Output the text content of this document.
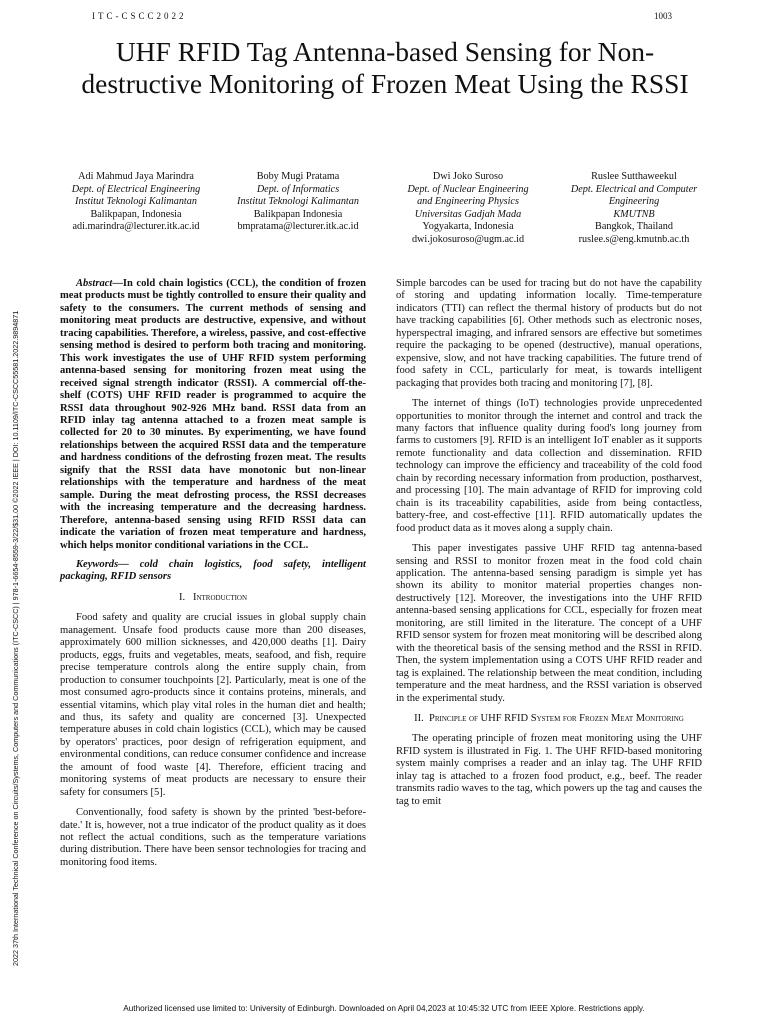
ITC-CSCC2022	1003
UHF RFID Tag Antenna-based Sensing for Non-destructive Monitoring of Frozen Meat Using the RSSI
2022 37th International Technical Conference on Circuits/Systems, Computers and Communications (ITC-CSCC) | 978-1-6654-8559-3/22/$31.00 ©2022 IEEE | DOI: 10.1109/ITC-CSCC55581.2022.9894871
Adi Mahmud Jaya Marindra
Dept. of Electrical Engineering
Institut Teknologi Kalimantan
Balikpapan, Indonesia
adi.marindra@lecturer.itk.ac.id
Boby Mugi Pratama
Dept. of Informatics
Institut Teknologi Kalimantan
Balikpapan Indonesia
bmpratama@lecturer.itk.ac.id
Dwi Joko Suroso
Dept. of Nuclear Engineering
and Engineering Physics
Universitas Gadjah Mada
Yogyakarta, Indonesia
dwi.jokosuroso@ugm.ac.id
Ruslee Sutthaweekul
Dept. Electrical and Computer
Engineering
KMUTNB
Bangkok, Thailand
ruslee.s@eng.kmutnb.ac.th

Abstract—In cold chain logistics (CCL), the condition of frozen meat products must be tightly controlled to ensure their quality and safety to the consumers. The current methods of sensing and monitoring meat products are destructive, expensive, and without tracing capabilities. Therefore, a wireless, passive, and cost-effective sensing method is desired to perform both tracing and monitoring. This work investigates the use of UHF RFID system performing antenna-based sensing for monitoring frozen meat using the received signal strength indicator (RSSI). A commercial off-the-shelf (COTS) UHF RFID reader is programmed to acquire the RSSI data throughout 902-926 MHz band. RSSI data from an RFID inlay tag antenna attached to a frozen meat sample is collected for 20 to 30 minutes. By experimenting, we have found relationships between the acquired RSSI data and the temperature and hardness conditions of the defrosting frozen meat. The results signify that the RSSI data have monotonic but non-linear relationships with the temperature and hardness of the meat sample. During the meat defrosting process, the RSSI decreases with the increasing temperature and the decreasing hardness. Therefore, antenna-based sensing using RFID RSSI data can indicate the variation of frozen meat temperature and hardness, which helps monitor conditional variations in the CCL.

Keywords— cold chain logistics, food safety, intelligent packaging, RFID sensors

I. Introduction

Food safety and quality are crucial issues in global supply chain management. Unsafe food products cause more than 200 diseases, approximately 600 million sicknesses, and 420,000 deaths [1]. Dairy products, eggs, fruits and vegetables, meats, seafood, and fish, require precise temperature controls along the entire supply chain, from production to consumer touchpoints [2]. Particularly, meat is one of the most consumed agro-products since it contains proteins, minerals, and essential vitamins, which play vital roles in the human diet and health; and thus, its safety and quality are concerned [3]. Unexpected temperature abuses in cold chain logistics (CCL), which may be caused by operators' practices, poor design of refrigeration equipment, and environmental conditions, can reduce consumer confidence and increase the amount of food waste [4]. Therefore, efficient tracing and monitoring systems of meat products are necessary to ensure their safety for consumers [5].

Conventionally, food safety is shown by the printed 'best-before-date.' It is, however, not a true indicator of the product quality as it does not reflect the actual conditions, such as the temperature variations during distribution. There have been sensor technologies for tracing and monitoring food items.

Simple barcodes can be used for tracing but do not have the capability of storing and updating information locally. Time-temperature indicators (TTI) can reflect the thermal history of products but do not have tracking capabilities [6]. Other methods such as electronic noses, hyperspectral imaging, and infrared sensors are effective but sometimes require the packaging to be opened (destructive), manual operations, expensive, slow, and not have tracking capabilities. The future trend of food safety in CCL, particularly for meat, is towards intelligent packaging that provides both tracing and monitoring [7], [8].

The internet of things (IoT) technologies provide unprecedented opportunities to monitor through the internet and control and track the many factors that influence quality during food's long journey from farms to customers [9]. RFID is an intelligent IoT enabler as it supports remote functionality and data collection and dissemination. RFID technology can improve the efficiency and traceability of the cold food chain by recording necessary information from production, postharvest, and processing [10]. The main advantage of RFID for improving cold chain is its traceability capabilities, aside from being contactless, battery-free, and cost-effective [11]. RFID automatically updates the food product data as it moves along a supply chain.

This paper investigates passive UHF RFID tag antenna-based sensing and RSSI to monitor frozen meat in the food cold chain application. The antenna-based sensing paradigm is simple yet has shown its ability to monitor material properties changes non-destructively [12]. Moreover, the investigations into the UHF RFID antenna-based sensing applications for CCL, especially for frozen meat monitoring, are still limited in the literature. The concept of a UHF RFID sensor system for frozen meat monitoring will be described along with the theoretical basis of the sensing method and the RSSI in RFID. Then, the system implementation using a COTS UHF RFID reader and tag is explained. The relationship between the meat condition, including temperature and the meat hardness, and the RSSI variation is observed in the experimental study.

II. Principle of UHF RFID System for Frozen Meat Monitoring

The operating principle of frozen meat monitoring using the UHF RFID system is illustrated in Fig. 1. The UHF RFID-based monitoring system mainly comprises a reader and an inlay tag. The UHF RFID inlay tag is attached to a frozen food product, e.g., beef. The reader transmits radio waves to the tag, which powers up the tag and causes the tag to emit

Authorized licensed use limited to: University of Edinburgh. Downloaded on April 04,2023 at 10:45:32 UTC from IEEE Xplore. Restrictions apply.
